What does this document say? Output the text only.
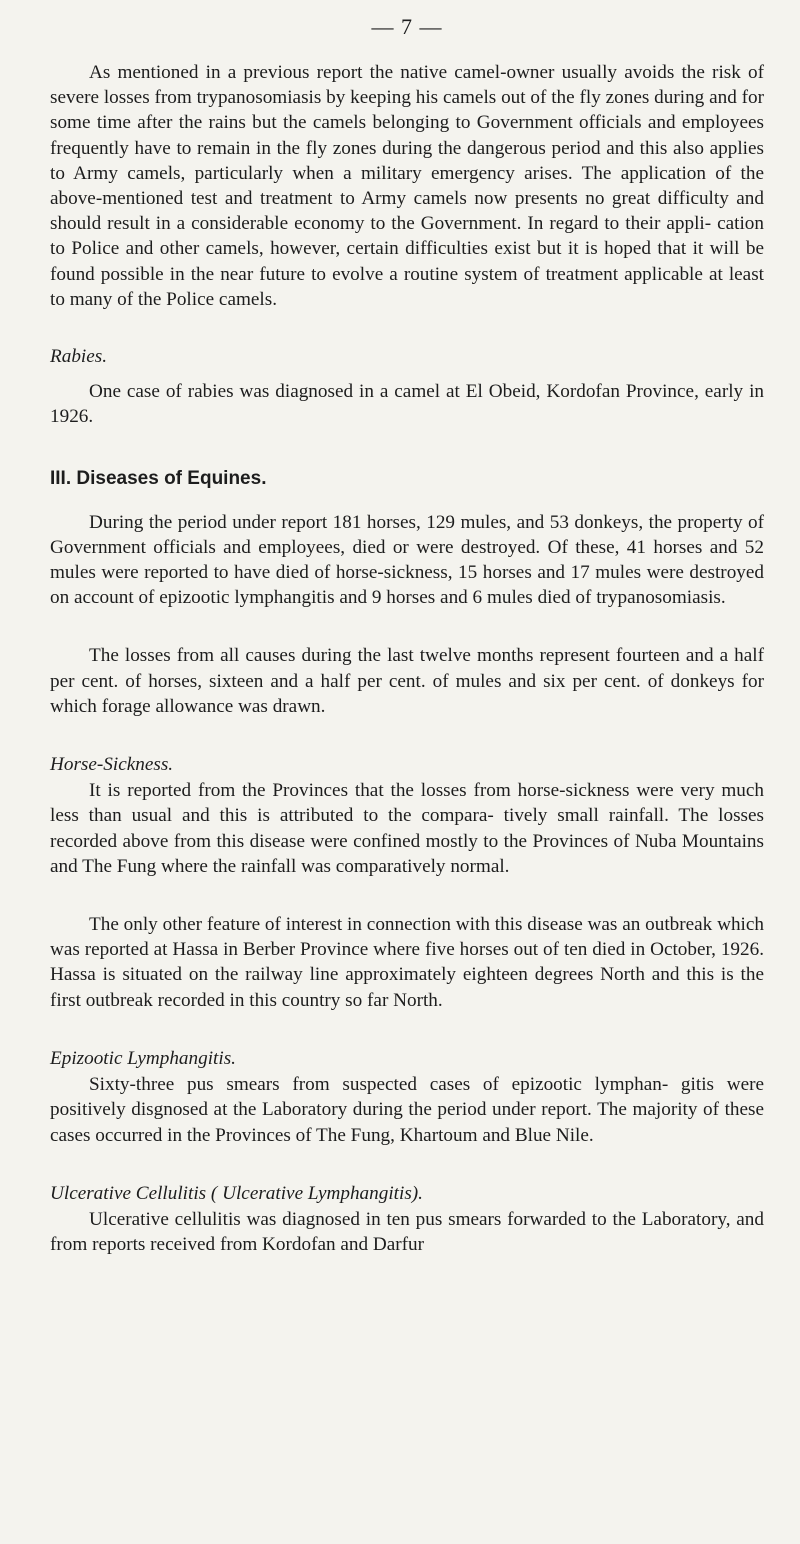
— 7 —

As mentioned in a previous report the native camel-owner usually avoids the risk of severe losses from trypanosomiasis by keeping his camels out of the fly zones during and for some time after the rains but the camels belonging to Government officials and employees frequently have to remain in the fly zones during the dangerous period and this also applies to Army camels, particularly when a military emergency arises. The application of the above-mentioned test and treatment to Army camels now presents no great difficulty and should result in a considerable economy to the Government. In regard to their appli- cation to Police and other camels, however, certain difficulties exist but it is hoped that it will be found possible in the near future to evolve a routine system of treatment applicable at least to many of the Police camels.

Rabies.

One case of rabies was diagnosed in a camel at El Obeid, Kordofan Province, early in 1926.

III. Diseases of Equines.

During the period under report 181 horses, 129 mules, and 53 donkeys, the property of Government officials and employees, died or were destroyed. Of these, 41 horses and 52 mules were reported to have died of horse-sickness, 15 horses and 17 mules were destroyed on account of epizootic lymphangitis and 9 horses and 6 mules died of trypanosomiasis.

The losses from all causes during the last twelve months represent fourteen and a half per cent. of horses, sixteen and a half per cent. of mules and six per cent. of donkeys for which forage allowance was drawn.

Horse-Sickness.

It is reported from the Provinces that the losses from horse-sickness were very much less than usual and this is attributed to the compara- tively small rainfall. The losses recorded above from this disease were confined mostly to the Provinces of Nuba Mountains and The Fung where the rainfall was comparatively normal.

The only other feature of interest in connection with this disease was an outbreak which was reported at Hassa in Berber Province where five horses out of ten died in October, 1926. Hassa is situated on the railway line approximately eighteen degrees North and this is the first outbreak recorded in this country so far North.

Epizootic Lymphangitis.

Sixty-three pus smears from suspected cases of epizootic lymphan- gitis were positively disgnosed at the Laboratory during the period under report. The majority of these cases occurred in the Provinces of The Fung, Khartoum and Blue Nile.

Ulcerative Cellulitis ( Ulcerative Lymphangitis).

Ulcerative cellulitis was diagnosed in ten pus smears forwarded to the Laboratory, and from reports received from Kordofan and Darfur
